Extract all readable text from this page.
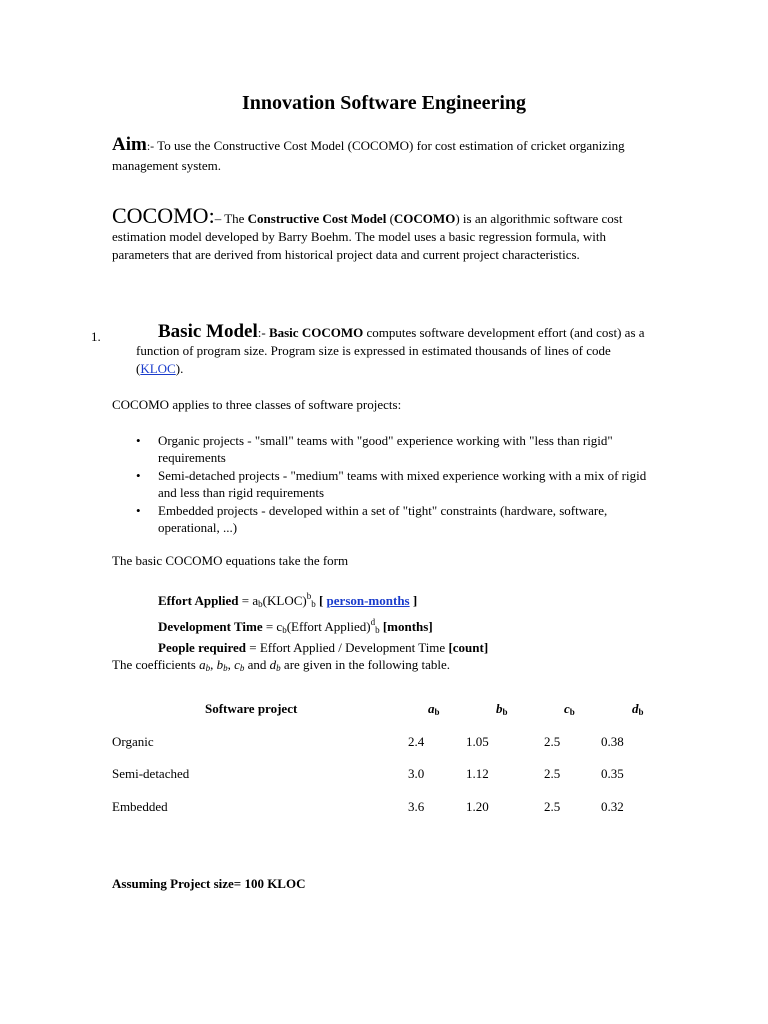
Innovation Software Engineering
Aim:- To use the Constructive Cost Model (COCOMO) for cost estimation of cricket organizing management system.
COCOMO:– The Constructive Cost Model (COCOMO) is an algorithmic software cost estimation model developed by Barry Boehm. The model uses a basic regression formula, with parameters that are derived from historical project data and current project characteristics.
1.	Basic Model:- Basic COCOMO computes software development effort (and cost) as a function of program size. Program size is expressed in estimated thousands of lines of code (KLOC).
COCOMO applies to three classes of software projects:
• Organic projects - "small" teams with "good" experience working with "less than rigid" requirements
• Semi-detached projects - "medium" teams with mixed experience working with a mix of rigid and less than rigid requirements
• Embedded projects - developed within a set of "tight" constraints (hardware, software, operational, ...)
The basic COCOMO equations take the form
Effort Applied = $a_b(KLOC)^b_b$ [ person-months ]
Development Time = $c_b(Effort$ Applied)$^d_b$ [months]
People required = Effort Applied / Development Time [count]
The coefficients $a_b$, $b_b$, $c_b$ and $d_b$ are given in the following table.
Software project	$a_b$	$b_b$	$c_b$	$d_b$
Organic	2.4	1.05	2.5	0.38
Semi-detached	3.0	1.12	2.5	0.35
Embedded	3.6	1.20	2.5	0.32
Assuming Project size= 100 KLOC
